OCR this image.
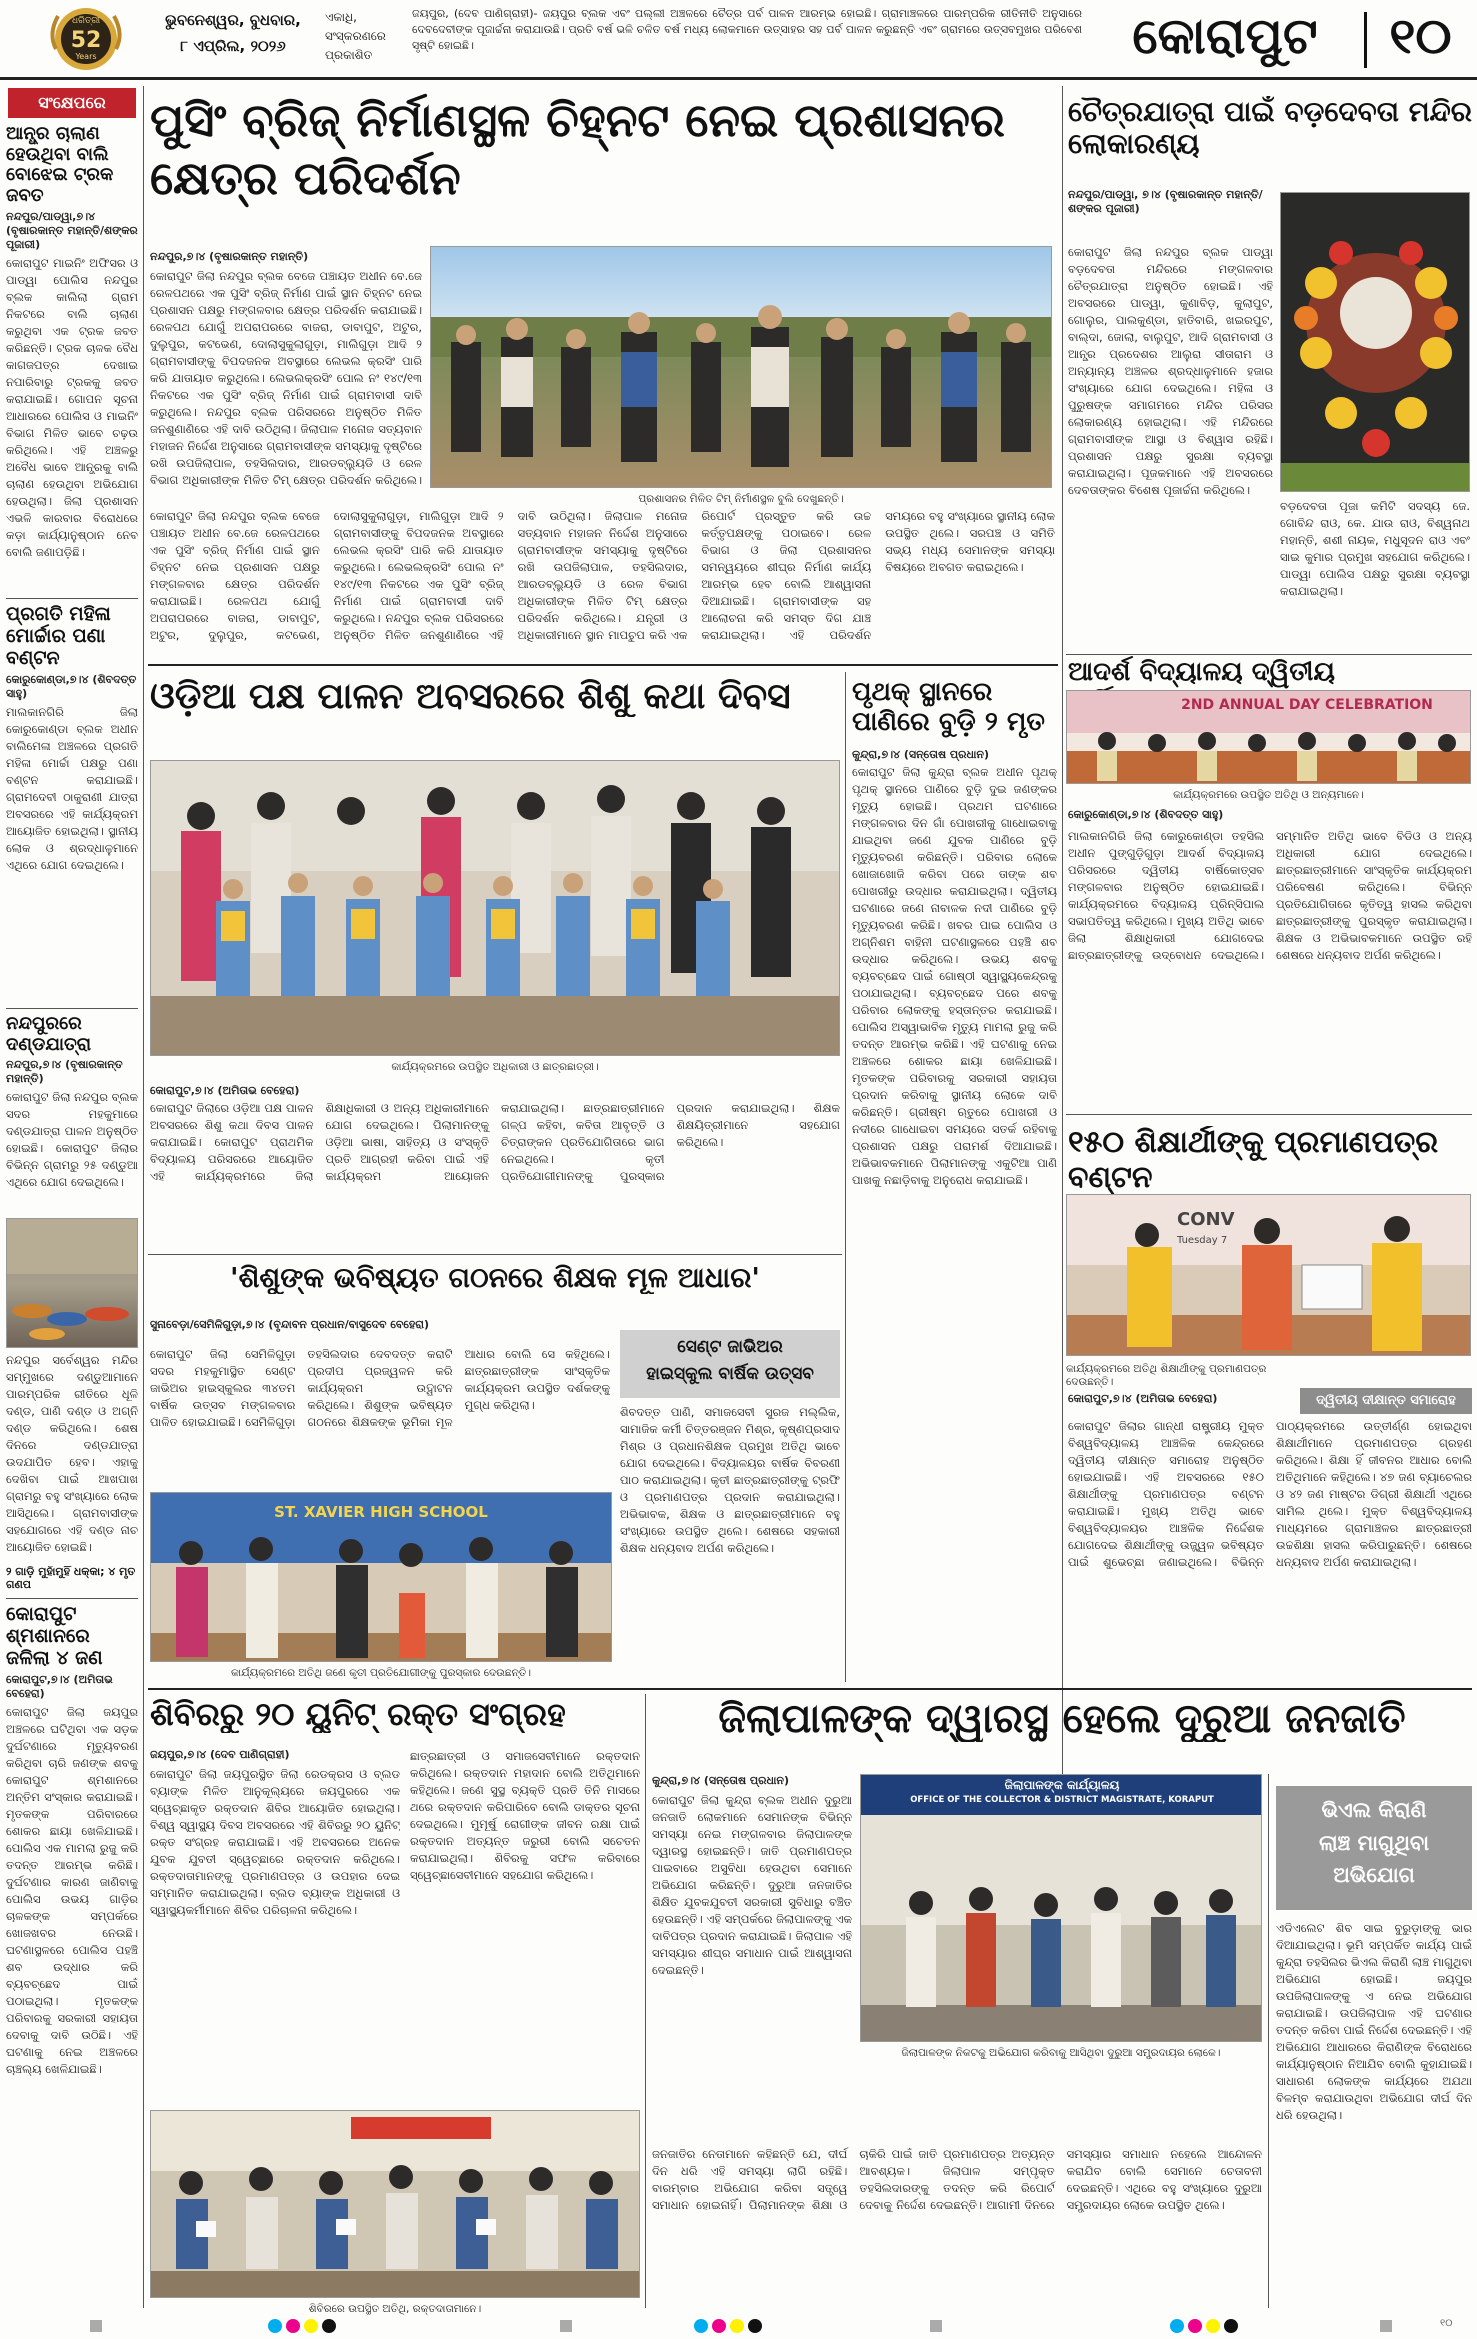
ଧରିତ୍ରୀ
52
Years
ଭୁବନେଶ୍ୱର, ବୁଧବାର,
୮ ଏପ୍ରିଲ, ୨୦୨୬
ଏକାଧି,
ସଂସ୍କରଣରେ
ପ୍ରକାଶିତ
ଜୟପୁର, (ଦେବ ପାଣିଗ୍ରାହୀ)- ଜୟପୁର ବ୍ଲକ ଏବଂ ପଲ୍ଲୀ ଅଞ୍ଚଳରେ ଚୈତ୍ର ପର୍ବ ପାଳନ ଆରମ୍ଭ ହୋଇଛି। ଗ୍ରାମାଞ୍ଚଳରେ ପାରମ୍ପରିକ ରୀତିନୀତି ଅନୁସାରେ ଦେବଦେବୀଙ୍କ ପୂଜାର୍ଚ୍ଚନା କରାଯାଉଛି। ପ୍ରତି ବର୍ଷ ଭଳି ଚଳିତ ବର୍ଷ ମଧ୍ୟ ଲୋକମାନେ ଉତ୍ସାହର ସହ ପର୍ବ ପାଳନ କରୁଛନ୍ତି ଏବଂ ଗ୍ରାମରେ ଉତ୍ସବମୁଖର ପରିବେଶ ସୃଷ୍ଟି ହୋଇଛି।	କୋରାପୁଟ	୧୦
ସଂକ୍ଷେପରେ
ଆନ୍ଧ୍ର ଚାଲାଣ ହେଉଥିବା ବାଲି ବୋଝେଇ ଟ୍ରକ ଜବତ
ନନ୍ଦପୁର/ପାଡ୍ୱା,୭।୪ (ବୃଷାରକାନ୍ତ ମହାନ୍ତି/ଶଙ୍କର ପୂଜାରୀ)
କୋରାପୁଟ ମାଇନିଂ ଅଫିସର ଓ ପାଡ୍ୱା ପୋଲିସ ନନ୍ଦପୁର ବ୍ଲକ କାଲିଲା ଗ୍ରାମ ନିକଟରେ ବାଲି ଚାଲାଣ କରୁଥିବା ଏକ ଟ୍ରକ ଜବତ କରିଛନ୍ତି। ଟ୍ରକ ଚାଳକ ବୈଧ କାଗଜପତ୍ର ଦେଖାଇ ନପାରିବାରୁ ଟ୍ରକକୁ ଜବତ କରାଯାଇଛି। ଗୋପନ ସୂଚନା ଆଧାରରେ ପୋଲିସ ଓ ମାଇନିଂ ବିଭାଗ ମିଳିତ ଭାବେ ଚଢ଼ଉ କରିଥିଲେ। ଏହି ଅଞ୍ଚଳରୁ ଅବୈଧ ଭାବେ ଆନ୍ଧ୍ରକୁ ବାଲି ଚାଲାଣ ହେଉଥିବା ଅଭିଯୋଗ ହେଉଥିଲା। ଜିଲା ପ୍ରଶାସନ ଏଭଳି କାରବାର ବିରୋଧରେ କଡ଼ା କାର୍ଯ୍ୟାନୁଷ୍ଠାନ ନେବ ବୋଲି ଜଣାପଡ଼ିଛି।
ପ୍ରଗତି ମହିଳା ମୋର୍ଚ୍ଚାର ପଣା ବଣ୍ଟନ
କୋରୁକୋଣ୍ଡା,୭।୪ (ଶିବଦତ୍ତ ସାହୁ)
ମାଲକାନଗିରି ଜିଲା କୋରୁକୋଣ୍ଡା ବ୍ଲକ ଅଧୀନ ବାଲିମେଳା ଅଞ୍ଚଳରେ ପ୍ରଗତି ମହିଳା ମୋର୍ଚ୍ଚା ପକ୍ଷରୁ ପଣା ବଣ୍ଟନ କରାଯାଇଛି। ଗ୍ରାମଦେବୀ ଠାକୁରାଣୀ ଯାତ୍ରା ଅବସରରେ ଏହି କାର୍ଯ୍ୟକ୍ରମ ଆୟୋଜିତ ହୋଇଥିଲା। ସ୍ଥାନୀୟ ଲୋକ ଓ ଶ୍ରଦ୍ଧାଳୁମାନେ ଏଥିରେ ଯୋଗ ଦେଇଥିଲେ।
ନନ୍ଦପୁରରେ ଦଣ୍ଡଯାତ୍ରା
ନନ୍ଦପୁର,୭।୪ (ବୃଷାରକାନ୍ତ ମହାନ୍ତି)
କୋରାପୁଟ ଜିଲା ନନ୍ଦପୁର ବ୍ଲକ ସଦର ମହକୁମାରେ ଦଣ୍ଡଯାତ୍ରା ପାଳନ ଅନୁଷ୍ଠିତ ହୋଇଛି। କୋରାପୁଟ ଜିଲାର ବିଭିନ୍ନ ଗ୍ରାମରୁ ୨୫ ଦଣ୍ଡୁଆ ଏଥିରେ ଯୋଗ ଦେଇଥିଲେ।
ନନ୍ଦପୁର ସର୍ବେଶ୍ୱର ମନ୍ଦିର ସମ୍ମୁଖରେ ଦଣ୍ଡୁଆମାନେ ପାରମ୍ପରିକ ରୀତିରେ ଧୂଳି ଦଣ୍ଡ, ପାଣି ଦଣ୍ଡ ଓ ଅଗ୍ନି ଦଣ୍ଡ କରିଥିଲେ। ଶେଷ ଦିନରେ ଦଣ୍ଡଯାତ୍ରା ଉଦଯାପିତ ହେବ। ଏହାକୁ ଦେଖିବା ପାଇଁ ଆଖପାଖ ଗ୍ରାମରୁ ବହୁ ସଂଖ୍ୟାରେ ଲୋକ ଆସିଥିଲେ। ଗ୍ରାମବାସୀଙ୍କ ସହଯୋଗରେ ଏହି ଦଣ୍ଡ ନାଚ ଆୟୋଜିତ ହୋଇଛି।
୨ ଗାଡ଼ି ମୁହାଁମୁହିଁ ଧକ୍କା; ୪ ମୃତ ଗଣପ
କୋରାପୁଟ ଶ୍ମଶାନରେ ଜଳିଲା ୪ ଜଣ
କୋରାପୁଟ,୭।୪ (ଅମିତାଭ ବେହେରା)
କୋରାପୁଟ ଜିଲା ଜୟପୁର ଅଞ୍ଚଳରେ ଘଟିଥିବା ଏକ ସଡ଼କ ଦୁର୍ଘଟଣାରେ ମୃତ୍ୟୁବରଣ କରିଥିବା ଚାରି ଜଣଙ୍କ ଶବକୁ କୋରାପୁଟ ଶ୍ମଶାନରେ ଅନ୍ତିମ ସଂସ୍କାର କରାଯାଇଛି। ମୃତକଙ୍କ ପରିବାରରେ ଶୋକର ଛାୟା ଖେଳିଯାଇଛି। ପୋଲିସ ଏକ ମାମଲା ରୁଜୁ କରି ତଦନ୍ତ ଆରମ୍ଭ କରିଛି। ଦୁର୍ଘଟଣାର କାରଣ ଜାଣିବାକୁ ପୋଲିସ ଉଭୟ ଗାଡ଼ିର ଚାଳକଙ୍କ ସମ୍ପର୍କରେ ଖୋଜଖବର ନେଉଛି। ଘଟଣାସ୍ଥଳରେ ପୋଲିସ ପହଞ୍ଚି ଶବ ଉଦ୍ଧାର କରି ବ୍ୟବଚ୍ଛେଦ ପାଇଁ ପଠାଇଥିଲା। ମୃତକଙ୍କ ପରିବାରକୁ ସରକାରୀ ସହାୟତା ଦେବାକୁ ଦାବି ଉଠିଛି। ଏହି ଘଟଣାକୁ ନେଇ ଅଞ୍ଚଳରେ ଚାଞ୍ଚଲ୍ୟ ଖେଳିଯାଇଛି।
ପୁସିଂ ବ୍ରିଜ୍ ନିର୍ମାଣସ୍ଥଳ ଚିହ୍ନଟ ନେଇ ପ୍ରଶାସନର କ୍ଷେତ୍ର ପରିଦର୍ଶନ
ନନ୍ଦପୁର,୭।୪ (ବୃଷାରକାନ୍ତ ମହାନ୍ତି)
ପ୍ରଶାସନର ମିଳିତ ଟିମ୍ ନିର୍ମାଣସ୍ଥଳ ବୁଲି ଦେଖୁଛନ୍ତି।
କୋରାପୁଟ ଜିଲା ନନ୍ଦପୁର ବ୍ଲକ ବେଜେ ପଞ୍ଚାୟତ ଅଧୀନ ବେ.ଜେ ରେଳପଥରେ ଏକ ପୁସିଂ ବ୍ରିଜ୍ ନିର୍ମାଣ ପାଇଁ ସ୍ଥାନ ଚିହ୍ନଟ ନେଇ ପ୍ରଶାସନ ପକ୍ଷରୁ ମଙ୍ଗଳବାର କ୍ଷେତ୍ର ପରିଦର୍ଶନ କରାଯାଇଛି। ରେଳପଥ ଯୋଗୁଁ ଅପରାପରରେ ବାଜରା, ଡାବାପୁଟ, ଅଟୁର, ଦୁଲୁପୁର, କଟଭେଣ, ଦୋଲାସୁକୁଲାଗୁଡ଼ା, ମାଲିଗୁଡ଼ା ଆଦି ୨ ଗ୍ରାମବାସୀଙ୍କୁ ବିପଦଜନକ ଅବସ୍ଥାରେ ଲେଭଲ କ୍ରସିଂ ପାରି କରି ଯାତାୟାତ କରୁଥିଲେ। ଲେଭଲକ୍ରସିଂ ପୋଲ ନଂ ୧୪୯/୧୩ ନିକଟରେ ଏକ ପୁସିଂ ବ୍ରିଜ୍ ନିର୍ମାଣ ପାଇଁ ଗ୍ରାମବାସୀ ଦାବି କରୁଥିଲେ। ନନ୍ଦପୁର ବ୍ଲକ ପରିସରରେ ଅନୁଷ୍ଠିତ ମିଳିତ ଜନଶୁଣାଣିରେ ଏହି ଦାବି ଉଠିଥିଲା। ଜିଲାପାଳ ମନୋଜ ସତ୍ୟବାନ ମହାଜନ ନିର୍ଦ୍ଦେଶ ଅନୁସାରେ ଗ୍ରାମବାସୀଙ୍କ ସମସ୍ୟାକୁ ଦୃଷ୍ଟିରେ ରଖି ଉପଜିଲାପାଳ, ତହସିଲଦାର, ଆରଡବ୍ଲ୍ୟୁଡି ଓ ରେଳ ବିଭାଗ ଅଧିକାରୀଙ୍କ ମିଳିତ ଟିମ୍ କ୍ଷେତ୍ର ପରିଦର୍ଶନ କରିଥିଲେ।
କୋରାପୁଟ ଜିଲା ନନ୍ଦପୁର ବ୍ଲକ ବେଜେ ପଞ୍ଚାୟତ ଅଧୀନ ବେ.ଜେ ରେଳପଥରେ ଏକ ପୁସିଂ ବ୍ରିଜ୍ ନିର୍ମାଣ ପାଇଁ ସ୍ଥାନ ଚିହ୍ନଟ ନେଇ ପ୍ରଶାସନ ପକ୍ଷରୁ ମଙ୍ଗଳବାର କ୍ଷେତ୍ର ପରିଦର୍ଶନ କରାଯାଇଛି। ରେଳପଥ ଯୋଗୁଁ ଅପରାପରରେ ବାଜରା, ଡାବାପୁଟ, ଅଟୁର, ଦୁଲୁପୁର, କଟଭେଣ, ଦୋଲାସୁକୁଲାଗୁଡ଼ା, ମାଲିଗୁଡ଼ା ଆଦି ୨ ଗ୍ରାମବାସୀଙ୍କୁ ବିପଦଜନକ ଅବସ୍ଥାରେ ଲେଭଲ କ୍ରସିଂ ପାରି କରି ଯାତାୟାତ କରୁଥିଲେ। ଲେଭଲକ୍ରସିଂ ପୋଲ ନଂ ୧୪୯/୧୩ ନିକଟରେ ଏକ ପୁସିଂ ବ୍ରିଜ୍ ନିର୍ମାଣ ପାଇଁ ଗ୍ରାମବାସୀ ଦାବି କରୁଥିଲେ। ନନ୍ଦପୁର ବ୍ଲକ ପରିସରରେ ଅନୁଷ୍ଠିତ ମିଳିତ ଜନଶୁଣାଣିରେ ଏହି ଦାବି ଉଠିଥିଲା। ଜିଲାପାଳ ମନୋଜ ସତ୍ୟବାନ ମହାଜନ ନିର୍ଦ୍ଦେଶ ଅନୁସାରେ ଗ୍ରାମବାସୀଙ୍କ ସମସ୍ୟାକୁ ଦୃଷ୍ଟିରେ ରଖି ଉପଜିଲାପାଳ, ତହସିଲଦାର, ଆରଡବ୍ଲ୍ୟୁଡି ଓ ରେଳ ବିଭାଗ ଅଧିକାରୀଙ୍କ ମିଳିତ ଟିମ୍ କ୍ଷେତ୍ର ପରିଦର୍ଶନ କରିଥିଲେ। ଯନ୍ତ୍ରୀ ଓ ଅଧିକାରୀମାନେ ସ୍ଥାନ ମାପଚୁପ କରି ଏକ ରିପୋର୍ଟ ପ୍ରସ୍ତୁତ କରି ଉଚ୍ଚ କର୍ତ୍ତୃପକ୍ଷଙ୍କୁ ପଠାଇବେ। ରେଳ ବିଭାଗ ଓ ଜିଲା ପ୍ରଶାସନର ସମନ୍ୱୟରେ ଶୀଘ୍ର ନିର୍ମାଣ କାର୍ଯ୍ୟ ଆରମ୍ଭ ହେବ ବୋଲି ଆଶ୍ୱାସନା ଦିଆଯାଇଛି। ଗ୍ରାମବାସୀଙ୍କ ସହ ଆଲୋଚନା କରି ସମସ୍ତ ଦିଗ ଯାଞ୍ଚ କରାଯାଇଥିଲା। ଏହି ପରିଦର୍ଶନ ସମୟରେ ବହୁ ସଂଖ୍ୟାରେ ସ୍ଥାନୀୟ ଲୋକ ଉପସ୍ଥିତ ଥିଲେ। ସରପଞ୍ଚ ଓ ସମିତି ସଭ୍ୟ ମଧ୍ୟ ସେମାନଙ୍କ ସମସ୍ୟା ବିଷୟରେ ଅବଗତ କରାଇଥିଲେ।
ଚୈତ୍ରଯାତ୍ରା ପାଇଁ ବଡ଼ଦେବତା ମନ୍ଦିର ଲୋକାରଣ୍ୟ
ନନ୍ଦପୁର/ପାଡ୍ୱା, ୭।୪ (ବୃଷାରକାନ୍ତ ମହାନ୍ତି/ଶଙ୍କର ପୂଜାରୀ)
କୋରାପୁଟ ଜିଲା ନନ୍ଦପୁର ବ୍ଲକ ପାଡ୍ୱା ବଡ଼ଦେବତା ମନ୍ଦିରରେ ମଙ୍ଗଳବାର ଚୈତ୍ରଯାତ୍ରା ଅନୁଷ୍ଠିତ ହୋଇଛି। ଏହି ଅବସରରେ ପାଡ୍ୱା, କୁଣାବିଡ଼, କୁଲାପୁଟ, ଗୋଲୁର, ପାଲକୁଣ୍ଡା, ହାତିବାରି, ଖଇରପୁଟ, ବାଲ୍ଦା, ଜୋଲା, ବାଲୁପୁଟ, ଆଦି ଗ୍ରାମବାସୀ ଓ ଆନ୍ଧ୍ର ପ୍ରଦେଶର ଆଲୁରା ସୀତାରାମ ଓ ଅନ୍ୟାନ୍ୟ ଅଞ୍ଚଳର ଶ୍ରଦ୍ଧାଳୁମାନେ ହଜାର ସଂଖ୍ୟାରେ ଯୋଗ ଦେଇଥିଲେ। ମହିଳା ଓ ପୁରୁଷଙ୍କ ସମାଗମରେ ମନ୍ଦିର ପରିସର ଲୋକାରଣ୍ୟ ହୋଇଥିଲା। ଏହି ମନ୍ଦିରରେ ଗ୍ରାମବାସୀଙ୍କ ଆସ୍ଥା ଓ ବିଶ୍ୱାସ ରହିଛି। ପ୍ରଶାସନ ପକ୍ଷରୁ ସୁରକ୍ଷା ବ୍ୟବସ୍ଥା କରାଯାଇଥିଲା। ପୂଜକମାନେ ଏହି ଅବସରରେ ଦେବତାଙ୍କର ବିଶେଷ ପୂଜାର୍ଚ୍ଚନା କରିଥିଲେ।
ବଡ଼ଦେବତା ପୂଜା କମିଟି ସଦସ୍ୟ ଜେ. ଗୋବିନ୍ଦ ରାଓ, କେ. ଯାଉ ରାଓ, ବିଶ୍ୱନାଥ ମହାନ୍ତି, ଶଶୀ ନାୟକ, ମଧୁସୂଦନ ରାଓ ଏବଂ ସାଇ କୁମାର ପ୍ରମୁଖ ସହଯୋଗ କରିଥିଲେ। ପାଡ୍ୱା ପୋଲିସ ପକ୍ଷରୁ ସୁରକ୍ଷା ବ୍ୟବସ୍ଥା କରାଯାଇଥିଲା।
ଆଦର୍ଶ ବିଦ୍ୟାଳୟ ଦ୍ୱିତୀୟ
2ND ANNUAL DAY CELEBRATION
କାର୍ଯ୍ୟକ୍ରମରେ ଉପସ୍ଥିତ ଅତିଥି ଓ ଅନ୍ୟମାନେ।
କୋରୁକୋଣ୍ଡା,୭।୪ (ଶିବଦତ୍ତ ସାହୁ)
ମାଲକାନଗିରି ଜିଲା କୋରୁକୋଣ୍ଡା ତହସିଲ ଅଧୀନ ପୁଙ୍ଗୁଡ଼ିଗୁଡ଼ା ଆଦର୍ଶ ବିଦ୍ୟାଳୟ ପରିସରରେ ଦ୍ୱିତୀୟ ବାର୍ଷିକୋତ୍ସବ ମଙ୍ଗଳବାର ଅନୁଷ୍ଠିତ ହୋଇଯାଇଛି। କାର୍ଯ୍ୟକ୍ରମରେ ବିଦ୍ୟାଳୟ ପ୍ରିନ୍ସିପାଲ ସଭାପତିତ୍ୱ କରିଥିଲେ। ମୁଖ୍ୟ ଅତିଥି ଭାବେ ଜିଲା ଶିକ୍ଷାଧିକାରୀ ଯୋଗଦେଇ ଛାତ୍ରଛାତ୍ରୀଙ୍କୁ ଉଦ୍ବୋଧନ ଦେଇଥିଲେ। ସମ୍ମାନିତ ଅତିଥି ଭାବେ ବିଡିଓ ଓ ଅନ୍ୟ ଅଧିକାରୀ ଯୋଗ ଦେଇଥିଲେ। ଛାତ୍ରଛାତ୍ରୀମାନେ ସାଂସ୍କୃତିକ କାର୍ଯ୍ୟକ୍ରମ ପରିବେଷଣ କରିଥିଲେ। ବିଭିନ୍ନ ପ୍ରତିଯୋଗିତାରେ କୃତିତ୍ୱ ହାସଲ କରିଥିବା ଛାତ୍ରଛାତ୍ରୀଙ୍କୁ ପୁରସ୍କୃତ କରାଯାଇଥିଲା। ଶିକ୍ଷକ ଓ ଅଭିଭାବକମାନେ ଉପସ୍ଥିତ ରହି ଶେଷରେ ଧନ୍ୟବାଦ ଅର୍ପଣ କରିଥିଲେ।
୧୫୦ ଶିକ୍ଷାର୍ଥୀଙ୍କୁ ପ୍ରମାଣପତ୍ର ବଣ୍ଟନ
CONV
Tuesday 7
କାର୍ଯ୍ୟକ୍ରମରେ ଅତିଥି ଶିକ୍ଷାର୍ଥୀଙ୍କୁ ପ୍ରମାଣପତ୍ର ଦେଉଛନ୍ତି।
ଦ୍ୱିତୀୟ ଦୀକ୍ଷାନ୍ତ ସମାରୋହ
କୋରାପୁଟ,୭।୪ (ଅମିତାଭ ବେହେରା)
କୋରାପୁଟ ଜିଲାର ଗାନ୍ଧୀ ରାଷ୍ଟ୍ରୀୟ ମୁକ୍ତ ବିଶ୍ୱବିଦ୍ୟାଳୟ ଆଞ୍ଚଳିକ କେନ୍ଦ୍ରରେ ଦ୍ୱିତୀୟ ଦୀକ୍ଷାନ୍ତ ସମାରୋହ ଅନୁଷ୍ଠିତ ହୋଇଯାଇଛି। ଏହି ଅବସରରେ ୧୫୦ ଶିକ୍ଷାର୍ଥୀଙ୍କୁ ପ୍ରମାଣପତ୍ର ବଣ୍ଟନ କରାଯାଇଛି। ମୁଖ୍ୟ ଅତିଥି ଭାବେ ବିଶ୍ୱବିଦ୍ୟାଳୟର ଆଞ୍ଚଳିକ ନିର୍ଦ୍ଦେଶକ ଯୋଗଦେଇ ଶିକ୍ଷାର୍ଥୀଙ୍କୁ ଉଜ୍ଜ୍ୱଳ ଭବିଷ୍ୟତ ପାଇଁ ଶୁଭେଚ୍ଛା ଜଣାଇଥିଲେ। ବିଭିନ୍ନ ପାଠ୍ୟକ୍ରମରେ ଉତ୍ତୀର୍ଣ୍ଣ ହୋଇଥିବା ଶିକ୍ଷାର୍ଥୀମାନେ ପ୍ରମାଣପତ୍ର ଗ୍ରହଣ କରିଥିଲେ। ଶିକ୍ଷା ହିଁ ଜୀବନର ଆଧାର ବୋଲି ଅତିଥିମାନେ କହିଥିଲେ। ୪୭ ଜଣ ବ୍ୟାଚେଲର ଓ ୪୨ ଜଣ ମାଷ୍ଟର ଡିଗ୍ରୀ ଶିକ୍ଷାର୍ଥୀ ଏଥିରେ ସାମିଲ ଥିଲେ। ମୁକ୍ତ ବିଶ୍ୱବିଦ୍ୟାଳୟ ମାଧ୍ୟମରେ ଗ୍ରାମାଞ୍ଚଳର ଛାତ୍ରଛାତ୍ରୀ ଉଚ୍ଚଶିକ୍ଷା ହାସଲ କରିପାରୁଛନ୍ତି। ଶେଷରେ ଧନ୍ୟବାଦ ଅର୍ପଣ କରାଯାଇଥିଲା।
ଓଡ଼ିଆ ପକ୍ଷ ପାଳନ ଅବସରରେ ଶିଶୁ କଥା ଦିବସ
କାର୍ଯ୍ୟକ୍ରମରେ ଉପସ୍ଥିତ ଅଧିକାରୀ ଓ ଛାତ୍ରଛାତ୍ରୀ।
କୋରାପୁଟ,୭।୪ (ଅମିତାଭ ବେହେରା)
କୋରାପୁଟ ଜିଲାରେ ଓଡ଼ିଆ ପକ୍ଷ ପାଳନ ଅବସରରେ ଶିଶୁ କଥା ଦିବସ ପାଳନ କରାଯାଇଛି। କୋରାପୁଟ ପ୍ରାଥମିକ ବିଦ୍ୟାଳୟ ପରିସରରେ ଆୟୋଜିତ ଏହି କାର୍ଯ୍ୟକ୍ରମରେ ଜିଲା ଶିକ୍ଷାଧିକାରୀ ଓ ଅନ୍ୟ ଅଧିକାରୀମାନେ ଯୋଗ ଦେଇଥିଲେ। ପିଲାମାନଙ୍କୁ ଓଡ଼ିଆ ଭାଷା, ସାହିତ୍ୟ ଓ ସଂସ୍କୃତି ପ୍ରତି ଆଗ୍ରହୀ କରିବା ପାଇଁ ଏହି କାର୍ଯ୍ୟକ୍ରମ ଆୟୋଜନ କରାଯାଇଥିଲା। ଛାତ୍ରଛାତ୍ରୀମାନେ ଗଳ୍ପ କହିବା, କବିତା ଆବୃତ୍ତି ଓ ଚିତ୍ରାଙ୍କନ ପ୍ରତିଯୋଗିତାରେ ଭାଗ ନେଇଥିଲେ। କୃତୀ ପ୍ରତିଯୋଗୀମାନଙ୍କୁ ପୁରସ୍କାର ପ୍ରଦାନ କରାଯାଇଥିଲା। ଶିକ୍ଷକ ଶିକ୍ଷୟିତ୍ରୀମାନେ ସହଯୋଗ କରିଥିଲେ।
ପୃଥକ୍ ସ୍ଥାନରେ ପାଣିରେ ବୁଡ଼ି ୨ ମୃତ
କୁନ୍ଦ୍ରା,୭।୪ (ସନ୍ତୋଷ ପ୍ରଧାନ)
କୋରାପୁଟ ଜିଲା କୁନ୍ଦ୍ରା ବ୍ଲକ ଅଧୀନ ପୃଥକ୍ ପୃଥକ୍ ସ୍ଥାନରେ ପାଣିରେ ବୁଡ଼ି ଦୁଇ ଜଣଙ୍କର ମୃତ୍ୟୁ ହୋଇଛି। ପ୍ରଥମ ଘଟଣାରେ ମଙ୍ଗଳବାର ଦିନ ଗାଁ ପୋଖରୀକୁ ଗାଧୋଇବାକୁ ଯାଇଥିବା ଜଣେ ଯୁବକ ପାଣିରେ ବୁଡ଼ି ମୃତ୍ୟୁବରଣ କରିଛନ୍ତି। ପରିବାର ଲୋକେ ଖୋଜାଖୋଜି କରିବା ପରେ ତାଙ୍କ ଶବ ପୋଖରୀରୁ ଉଦ୍ଧାର କରାଯାଇଥିଲା। ଦ୍ୱିତୀୟ ଘଟଣାରେ ଜଣେ ନାବାଳକ ନଦୀ ପାଣିରେ ବୁଡ଼ି ମୃତ୍ୟୁବରଣ କରିଛି। ଖବର ପାଇ ପୋଲିସ ଓ ଅଗ୍ନିଶମ ବାହିନୀ ଘଟଣାସ୍ଥଳରେ ପହଞ୍ଚି ଶବ ଉଦ୍ଧାର କରିଥିଲେ। ଉଭୟ ଶବକୁ ବ୍ୟବଚ୍ଛେଦ ପାଇଁ ଗୋଷ୍ଠୀ ସ୍ୱାସ୍ଥ୍ୟକେନ୍ଦ୍ରକୁ ପଠାଯାଇଥିଲା। ବ୍ୟବଚ୍ଛେଦ ପରେ ଶବକୁ ପରିବାର ଲୋକଙ୍କୁ ହସ୍ତାନ୍ତର କରାଯାଇଛି। ପୋଲିସ ଅସ୍ୱାଭାବିକ ମୃତ୍ୟୁ ମାମଲା ରୁଜୁ କରି ତଦନ୍ତ ଆରମ୍ଭ କରିଛି। ଏହି ଘଟଣାକୁ ନେଇ ଅଞ୍ଚଳରେ ଶୋକର ଛାୟା ଖେଳିଯାଇଛି। ମୃତକଙ୍କ ପରିବାରକୁ ସରକାରୀ ସହାୟତା ପ୍ରଦାନ କରିବାକୁ ସ୍ଥାନୀୟ ଲୋକେ ଦାବି କରିଛନ୍ତି। ଗ୍ରୀଷ୍ମ ଋତୁରେ ପୋଖରୀ ଓ ନଦୀରେ ଗାଧୋଇବା ସମୟରେ ସତର୍କ ରହିବାକୁ ପ୍ରଶାସନ ପକ୍ଷରୁ ପରାମର୍ଶ ଦିଆଯାଇଛି। ଅଭିଭାବକମାନେ ପିଲାମାନଙ୍କୁ ଏକୁଟିଆ ପାଣି ପାଖକୁ ନଛାଡ଼ିବାକୁ ଅନୁରୋଧ କରାଯାଇଛି।
'ଶିଶୁଙ୍କ ଭବିଷ୍ୟତ ଗଠନରେ ଶିକ୍ଷକ ମୂଳ ଆଧାର'
ସୁନାବେଡ଼ା/ସେମିଳିଗୁଡ଼ା,୭।୪ (ବୃନ୍ଦାବନ ପ୍ରଧାନ/ବାସୁଦେବ ବେହେରା)
କୋରାପୁଟ ଜିଲା ସେମିଳିଗୁଡ଼ା ସଦର ମହକୁମାସ୍ଥିତ ସେଣ୍ଟ ଜାଭିଅର ହାଇସ୍କୁଲର ୩୪ତମ ବାର୍ଷିକ ଉତ୍ସବ ମଙ୍ଗଳବାର ପାଳିତ ହୋଇଯାଇଛି। ସେମିଳିଗୁଡ଼ା ତହସିଲଦାର ଦେବଦତ୍ତ କରାଟି ପ୍ରଦୀପ ପ୍ରଜ୍ୱଳନ କରି କାର୍ଯ୍ୟକ୍ରମ ଉଦ୍ଘାଟନ କରିଥିଲେ। ଶିଶୁଙ୍କ ଭବିଷ୍ୟତ ଗଠନରେ ଶିକ୍ଷକଙ୍କ ଭୂମିକା ମୂଳ ଆଧାର ବୋଲି ସେ କହିଥିଲେ। ଛାତ୍ରଛାତ୍ରୀଙ୍କ ସାଂସ୍କୃତିକ କାର୍ଯ୍ୟକ୍ରମ ଉପସ୍ଥିତ ଦର୍ଶକଙ୍କୁ ମୁଗ୍ଧ କରିଥିଲା।
ସେଣ୍ଟ ଜାଭିଅର
ହାଇସ୍କୁଲ ବାର୍ଷିକ ଉତ୍ସବ
ଶିବଦତ୍ତ ପାଣି, ସମାଜସେବୀ ସୁରଜ ମଲ୍ଲିକ, ସାମାଜିକ କର୍ମୀ ଚିତ୍ତରଞ୍ଜନ ମିଶ୍ର, କୃଷ୍ଣପ୍ରସାଦ ମିଶ୍ର ଓ ପ୍ରଧାନଶିକ୍ଷକ ପ୍ରମୁଖ ଅତିଥି ଭାବେ ଯୋଗ ଦେଇଥିଲେ। ବିଦ୍ୟାଳୟର ବାର୍ଷିକ ବିବରଣୀ ପାଠ କରାଯାଇଥିଲା। କୃତୀ ଛାତ୍ରଛାତ୍ରୀଙ୍କୁ ଟ୍ରଫି ଓ ପ୍ରମାଣପତ୍ର ପ୍ରଦାନ କରାଯାଇଥିଲା। ଅଭିଭାବକ, ଶିକ୍ଷକ ଓ ଛାତ୍ରଛାତ୍ରୀମାନେ ବହୁ ସଂଖ୍ୟାରେ ଉପସ୍ଥିତ ଥିଲେ। ଶେଷରେ ସହକାରୀ ଶିକ୍ଷକ ଧନ୍ୟବାଦ ଅର୍ପଣ କରିଥିଲେ।
ST. XAVIER HIGH SCHOOL
କାର୍ଯ୍ୟକ୍ରମରେ ଅତିଥି ଜଣେ କୃତୀ ପ୍ରତିଯୋଗୀଙ୍କୁ ପୁରସ୍କାର ଦେଉଛନ୍ତି।
ଶିବିରରୁ ୨୦ ୟୁନିଟ୍ ରକ୍ତ ସଂଗ୍ରହ
ଜୟପୁର,୭।୪ (ଦେବ ପାଣିଗ୍ରାହୀ)
କୋରାପୁଟ ଜିଲା ଜୟପୁରସ୍ଥିତ ଜିଲା ରେଡକ୍ରସ ଓ ବ୍ଲଡ ବ୍ୟାଙ୍କ ମିଳିତ ଆନୁକୂଲ୍ୟରେ ଜୟପୁରରେ ଏକ ସ୍ୱେଚ୍ଛାକୃତ ରକ୍ତଦାନ ଶିବିର ଆୟୋଜିତ ହୋଇଥିଲା। ବିଶ୍ୱ ସ୍ୱାସ୍ଥ୍ୟ ଦିବସ ଅବସରରେ ଏହି ଶିବିରରୁ ୨୦ ୟୁନିଟ୍ ରକ୍ତ ସଂଗ୍ରହ କରାଯାଇଛି। ଏହି ଅବସରରେ ଅନେକ ଯୁବକ ଯୁବତୀ ସ୍ୱେଚ୍ଛାରେ ରକ୍ତଦାନ କରିଥିଲେ। ରକ୍ତଦାତାମାନଙ୍କୁ ପ୍ରମାଣପତ୍ର ଓ ଉପହାର ଦେଇ ସମ୍ମାନିତ କରାଯାଇଥିଲା। ବ୍ଲଡ ବ୍ୟାଙ୍କ ଅଧିକାରୀ ଓ ସ୍ୱାସ୍ଥ୍ୟକର୍ମୀମାନେ ଶିବିର ପରିଚାଳନା କରିଥିଲେ।
ଛାତ୍ରଛାତ୍ରୀ ଓ ସମାଜସେବୀମାନେ ରକ୍ତଦାନ କରିଥିଲେ। ରକ୍ତଦାନ ମହାଦାନ ବୋଲି ଅତିଥିମାନେ କହିଥିଲେ। ଜଣେ ସୁସ୍ଥ ବ୍ୟକ୍ତି ପ୍ରତି ତିନି ମାସରେ ଥରେ ରକ୍ତଦାନ କରିପାରିବେ ବୋଲି ଡାକ୍ତର ସୂଚନା ଦେଇଥିଲେ। ମୁମୂର୍ଷୁ ରୋଗୀଙ୍କ ଜୀବନ ରକ୍ଷା ପାଇଁ ରକ୍ତଦାନ ଅତ୍ୟନ୍ତ ଜରୁରୀ ବୋଲି ସଚେତନ କରାଯାଇଥିଲା। ଶିବିରକୁ ସଫଳ କରିବାରେ ସ୍ୱେଚ୍ଛାସେବୀମାନେ ସହଯୋଗ କରିଥିଲେ।
ଶିବିରରେ ଉପସ୍ଥିତ ଅତିଥି, ରକ୍ତଦାତାମାନେ।
ଜିଲାପାଳଙ୍କ ଦ୍ୱାରସ୍ଥ ହେଲେ ଦୁରୁଆ ଜନଜାତି
କୁନ୍ଦ୍ରା,୭।୪ (ସନ୍ତୋଷ ପ୍ରଧାନ)
କୋରାପୁଟ ଜିଲା କୁନ୍ଦ୍ରା ବ୍ଲକ ଅଧୀନ ଦୁରୁଆ ଜନଜାତି ଲୋକମାନେ ସେମାନଙ୍କ ବିଭିନ୍ନ ସମସ୍ୟା ନେଇ ମଙ୍ଗଳବାର ଜିଲାପାଳଙ୍କ ଦ୍ୱାରସ୍ଥ ହୋଇଛନ୍ତି। ଜାତି ପ୍ରମାଣପତ୍ର ପାଇବାରେ ଅସୁବିଧା ହେଉଥିବା ସେମାନେ ଅଭିଯୋଗ କରିଛନ୍ତି। ଦୁରୁଆ ଜନଜାତିର ଶିକ୍ଷିତ ଯୁବକଯୁବତୀ ସରକାରୀ ସୁବିଧାରୁ ବଞ୍ଚିତ ହେଉଛନ୍ତି। ଏହି ସମ୍ପର୍କରେ ଜିଲାପାଳଙ୍କୁ ଏକ ଦାବିପତ୍ର ପ୍ରଦାନ କରାଯାଇଛି। ଜିଲାପାଳ ଏହି ସମସ୍ୟାର ଶୀଘ୍ର ସମାଧାନ ପାଇଁ ଆଶ୍ୱାସନା ଦେଇଛନ୍ତି।
ଜିଲାପାଳଙ୍କ କାର୍ଯ୍ୟାଳୟ
OFFICE OF THE COLLECTOR & DISTRICT MAGISTRATE, KORAPUT
ଜିଲାପାଳଙ୍କ ନିକଟକୁ ଅଭିଯୋଗ କରିବାକୁ ଆସିଥିବା ଦୁରୁଆ ସମ୍ପ୍ରଦାୟର ଲୋକେ।
ଜନଜାତିର ନେତାମାନେ କହିଛନ୍ତି ଯେ, ଦୀର୍ଘ ଦିନ ଧରି ଏହି ସମସ୍ୟା ଲାଗି ରହିଛି। ବାରମ୍ବାର ଅଭିଯୋଗ କରିବା ସତ୍ତ୍ୱେ ସମାଧାନ ହୋଇନାହିଁ। ପିଲାମାନଙ୍କ ଶିକ୍ଷା ଓ ଚାକିରି ପାଇଁ ଜାତି ପ୍ରମାଣପତ୍ର ଅତ୍ୟନ୍ତ ଆବଶ୍ୟକ। ଜିଲାପାଳ ସମ୍ପୃକ୍ତ ତହସିଲଦାରଙ୍କୁ ତଦନ୍ତ କରି ରିପୋର୍ଟ ଦେବାକୁ ନିର୍ଦ୍ଦେଶ ଦେଇଛନ୍ତି। ଆଗାମୀ ଦିନରେ ସମସ୍ୟାର ସମାଧାନ ନହେଲେ ଆନ୍ଦୋଳନ କରାଯିବ ବୋଲି ସେମାନେ ଚେତାବନୀ ଦେଇଛନ୍ତି। ଏଥିରେ ବହୁ ସଂଖ୍ୟାରେ ଦୁରୁଆ ସମ୍ପ୍ରଦାୟର ଲୋକେ ଉପସ୍ଥିତ ଥିଲେ।
ଭିଏଲ କିରାଣି
ଲାଞ୍ଚ ମାଗୁଥିବା
ଅଭିଯୋଗ
ଏଡିଏଲେଟ ଶିବ ସାଇ ବୁରୁଡ଼ାଙ୍କୁ ଭାର ଦିଆଯାଇଥିଲା। ଭୂମି ସମ୍ପର୍କିତ କାର୍ଯ୍ୟ ପାଇଁ କୁନ୍ଦ୍ରା ତହସିଲର ଭିଏଲ କିରାଣି ଲାଞ୍ଚ ମାଗୁଥିବା ଅଭିଯୋଗ ହୋଇଛି। ଜୟପୁର ଉପଜିଲାପାଳଙ୍କୁ ଏ ନେଇ ଅଭିଯୋଗ କରାଯାଇଛି। ଉପଜିଲାପାଳ ଏହି ଘଟଣାର ତଦନ୍ତ କରିବା ପାଇଁ ନିର୍ଦ୍ଦେଶ ଦେଇଛନ୍ତି। ଏହି ଅଭିଯୋଗ ଆଧାରରେ କିରାଣିଙ୍କ ବିରୋଧରେ କାର୍ଯ୍ୟାନୁଷ୍ଠାନ ନିଆଯିବ ବୋଲି କୁହାଯାଇଛି। ସାଧାରଣ ଲୋକଙ୍କ କାର୍ଯ୍ୟରେ ଅଯଥା ବିଳମ୍ବ କରାଯାଉଥିବା ଅଭିଯୋଗ ଦୀର୍ଘ ଦିନ ଧରି ହେଉଥିଲା।
୧୦
